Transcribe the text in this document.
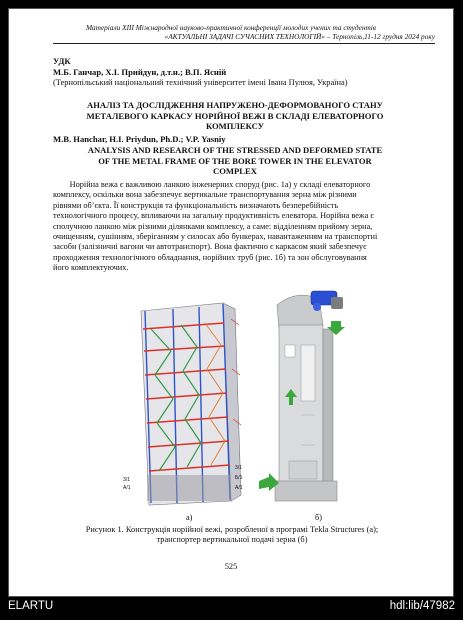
Матеріали ХІІІ Міжнародної науково-практичної конференції молодих учених та студентів
«АКТУАЛЬНІ ЗАДАЧІ СУЧАСНИХ ТЕХНОЛОГІЙ» – Тернопіль,11-12 грудня 2024 року
УДК
М.Б. Ганчар, Х.І. Прийдун, д.т.н.; В.П. Ясній
(Тернопільський національний технічний університет імені Івана Пулюя, Україна)
АНАЛІЗ ТА ДОСЛІДЖЕННЯ НАПРУЖЕНО-ДЕФОРМОВАНОГО СТАНУ
МЕТАЛЕВОГО КАРКАСУ НОРІЙНОЇ ВЕЖІ В СКЛАДІ ЕЛЕВАТОРНОГО
КОМПЛЕКСУ
M.B. Hanchar, H.I. Priydun, Ph.D.; V.P. Yasniy
ANALYSIS AND RESEARCH OF THE STRESSED AND DEFORMED STATE
OF THE METAL FRAME OF THE BORE TOWER IN THE ELEVATOR
COMPLEX
Норійна вежа є важливою ланкою інженерних споруд (рис. 1а) у складі елеваторного
комплексу, оскільки вона забезпечує вертикальне транспортування зерна між різними
рівнями об’єкта. Її конструкція та функціональність визначають безперебійність
технологічного процесу, впливаючи на загальну продуктивність елеватора. Норійна вежа є
сполучною ланкою між різними ділянками комплексу, а саме: відділенням прийому зерна,
очищенням, сушінням, зберіганням у силосах або бункерах, навантаженням на транспортні
засоби (залізничні вагони чи автотранспорт). Вона фактично є каркасом який забезпечує
проходження технологічного обладнання, норійних труб (рис. 1б) та зон обслуговування
його комплектуючих.
3/1
А/1
3/1
Б/1
А/1
а)	б)
Рисунок 1. Конструкція норійної вежі, розробленої в програмі Tekla Structures (а);
транспортер вертикальної подачі зерна (б)
525
ELARTU	hdl:lib/47982
